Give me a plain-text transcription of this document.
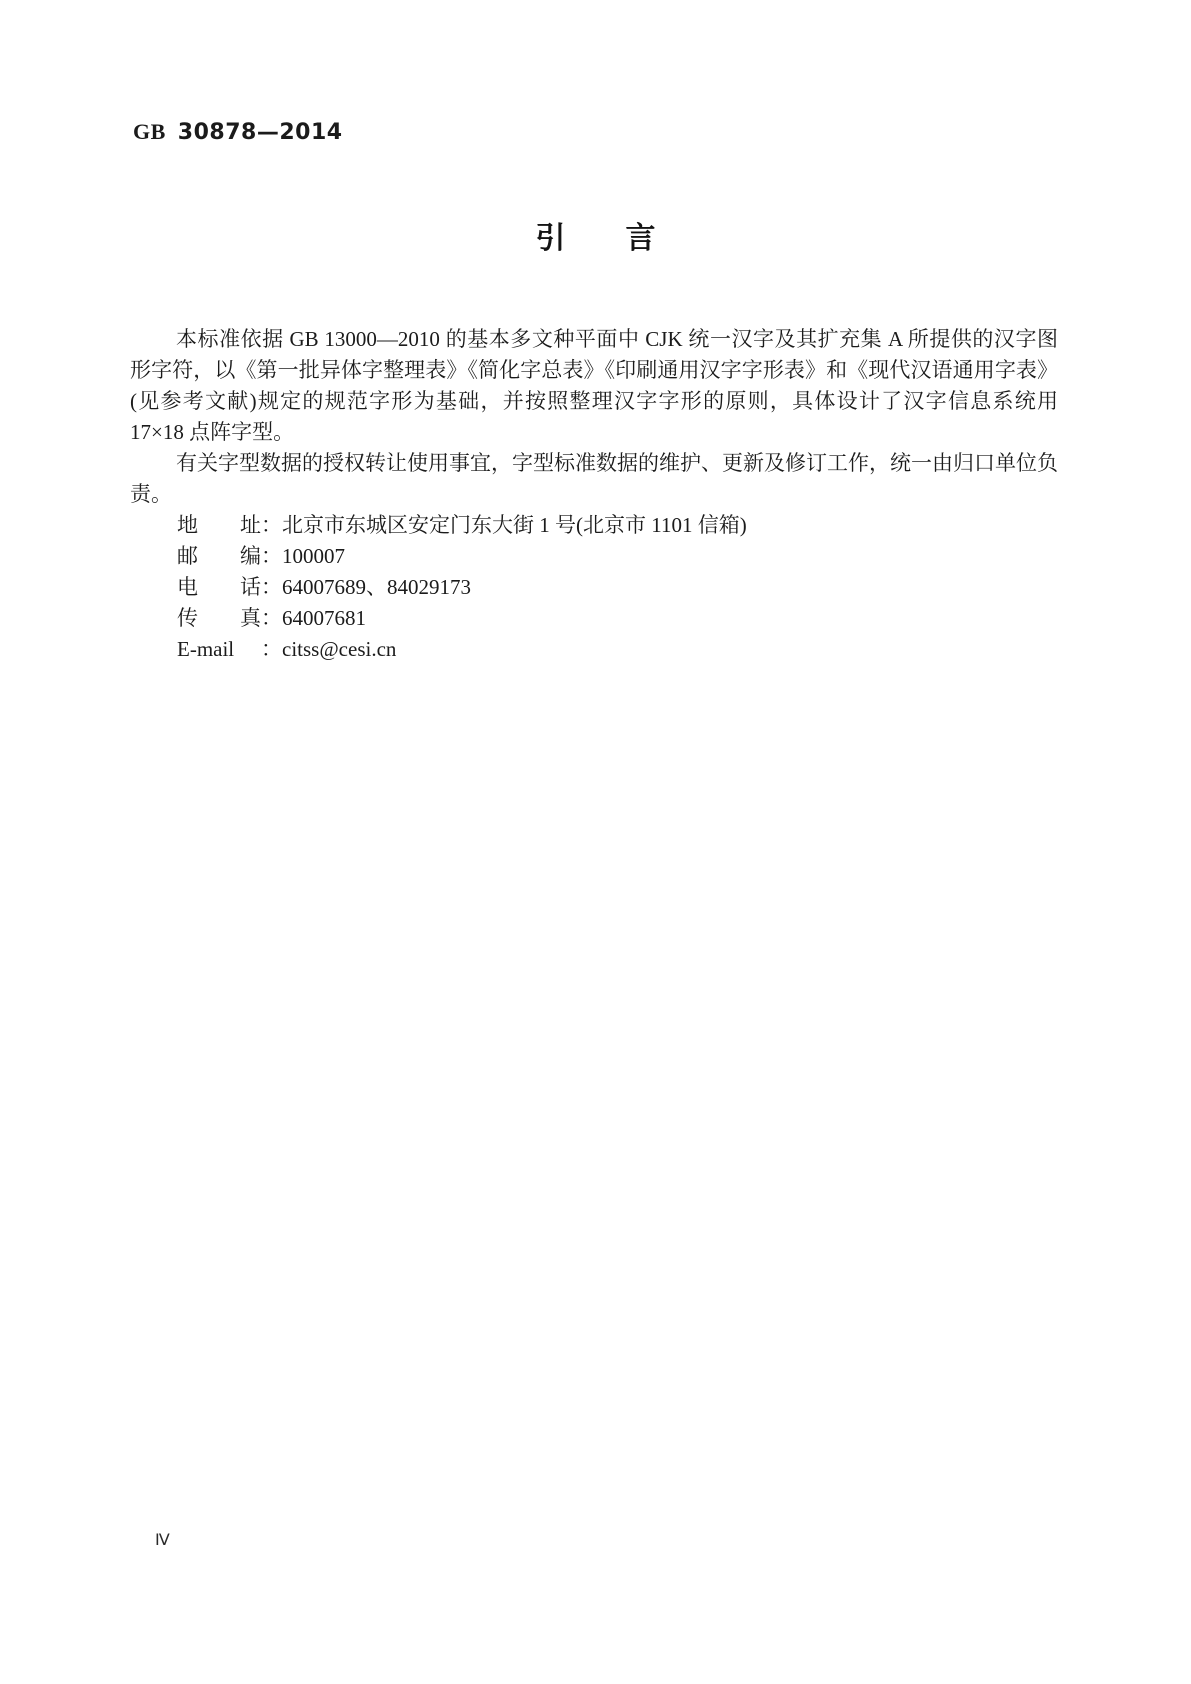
GB 30878—2014
引　　言

本标准依据 GB 13000—2010 的基本多文种平面中 CJK 统一汉字及其扩充集 A 所提供的汉字图形字符，以《第一批异体字整理表》《简化字总表》《印刷通用汉字字形表》和《现代汉语通用字表》(见参考文献)规定的规范字形为基础，并按照整理汉字字形的原则，具体设计了汉字信息系统用 17×18 点阵字型。

有关字型数据的授权转让使用事宜，字型标准数据的维护、更新及修订工作，统一由归口单位负责。

地址：北京市东城区安定门东大街 1 号(北京市 1101 信箱)
邮编：100007
电话：64007689、84029173
传真：64007681
E-mail ：citss@cesi.cn
Ⅳ
